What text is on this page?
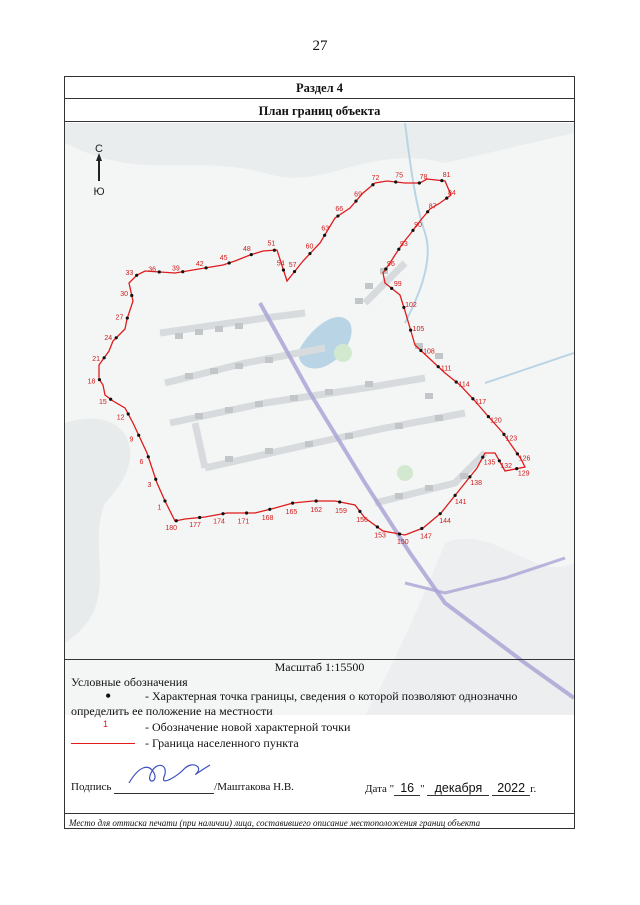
27
Раздел 4
План границ объекта
С
Ю
1
3
6
9
12
15
18
21
24
27
30
33
36 39
42
45
48
51
54 57
60
63
66
69
72 75 78 81
84
87
90
93
96
99
102
105
108
111
114
117
120
123
126
129
132
135
138
141
144
147
150
153
156
159
162
165
168
171
174
177
180
Масштаб 1:15500
Условные обозначения
•	- Характерная точка границы, сведения о которой позволяют однозначно
определить ее положение на местности
1	- Обозначение новой характерной точки
- Граница населенного пункта
Подпись	/Маштакова Н.В.	Дата " 16 " декабря 2022 г.
Место для оттиска печати (при наличии) лица, составившего описание местоположения границ объекта
